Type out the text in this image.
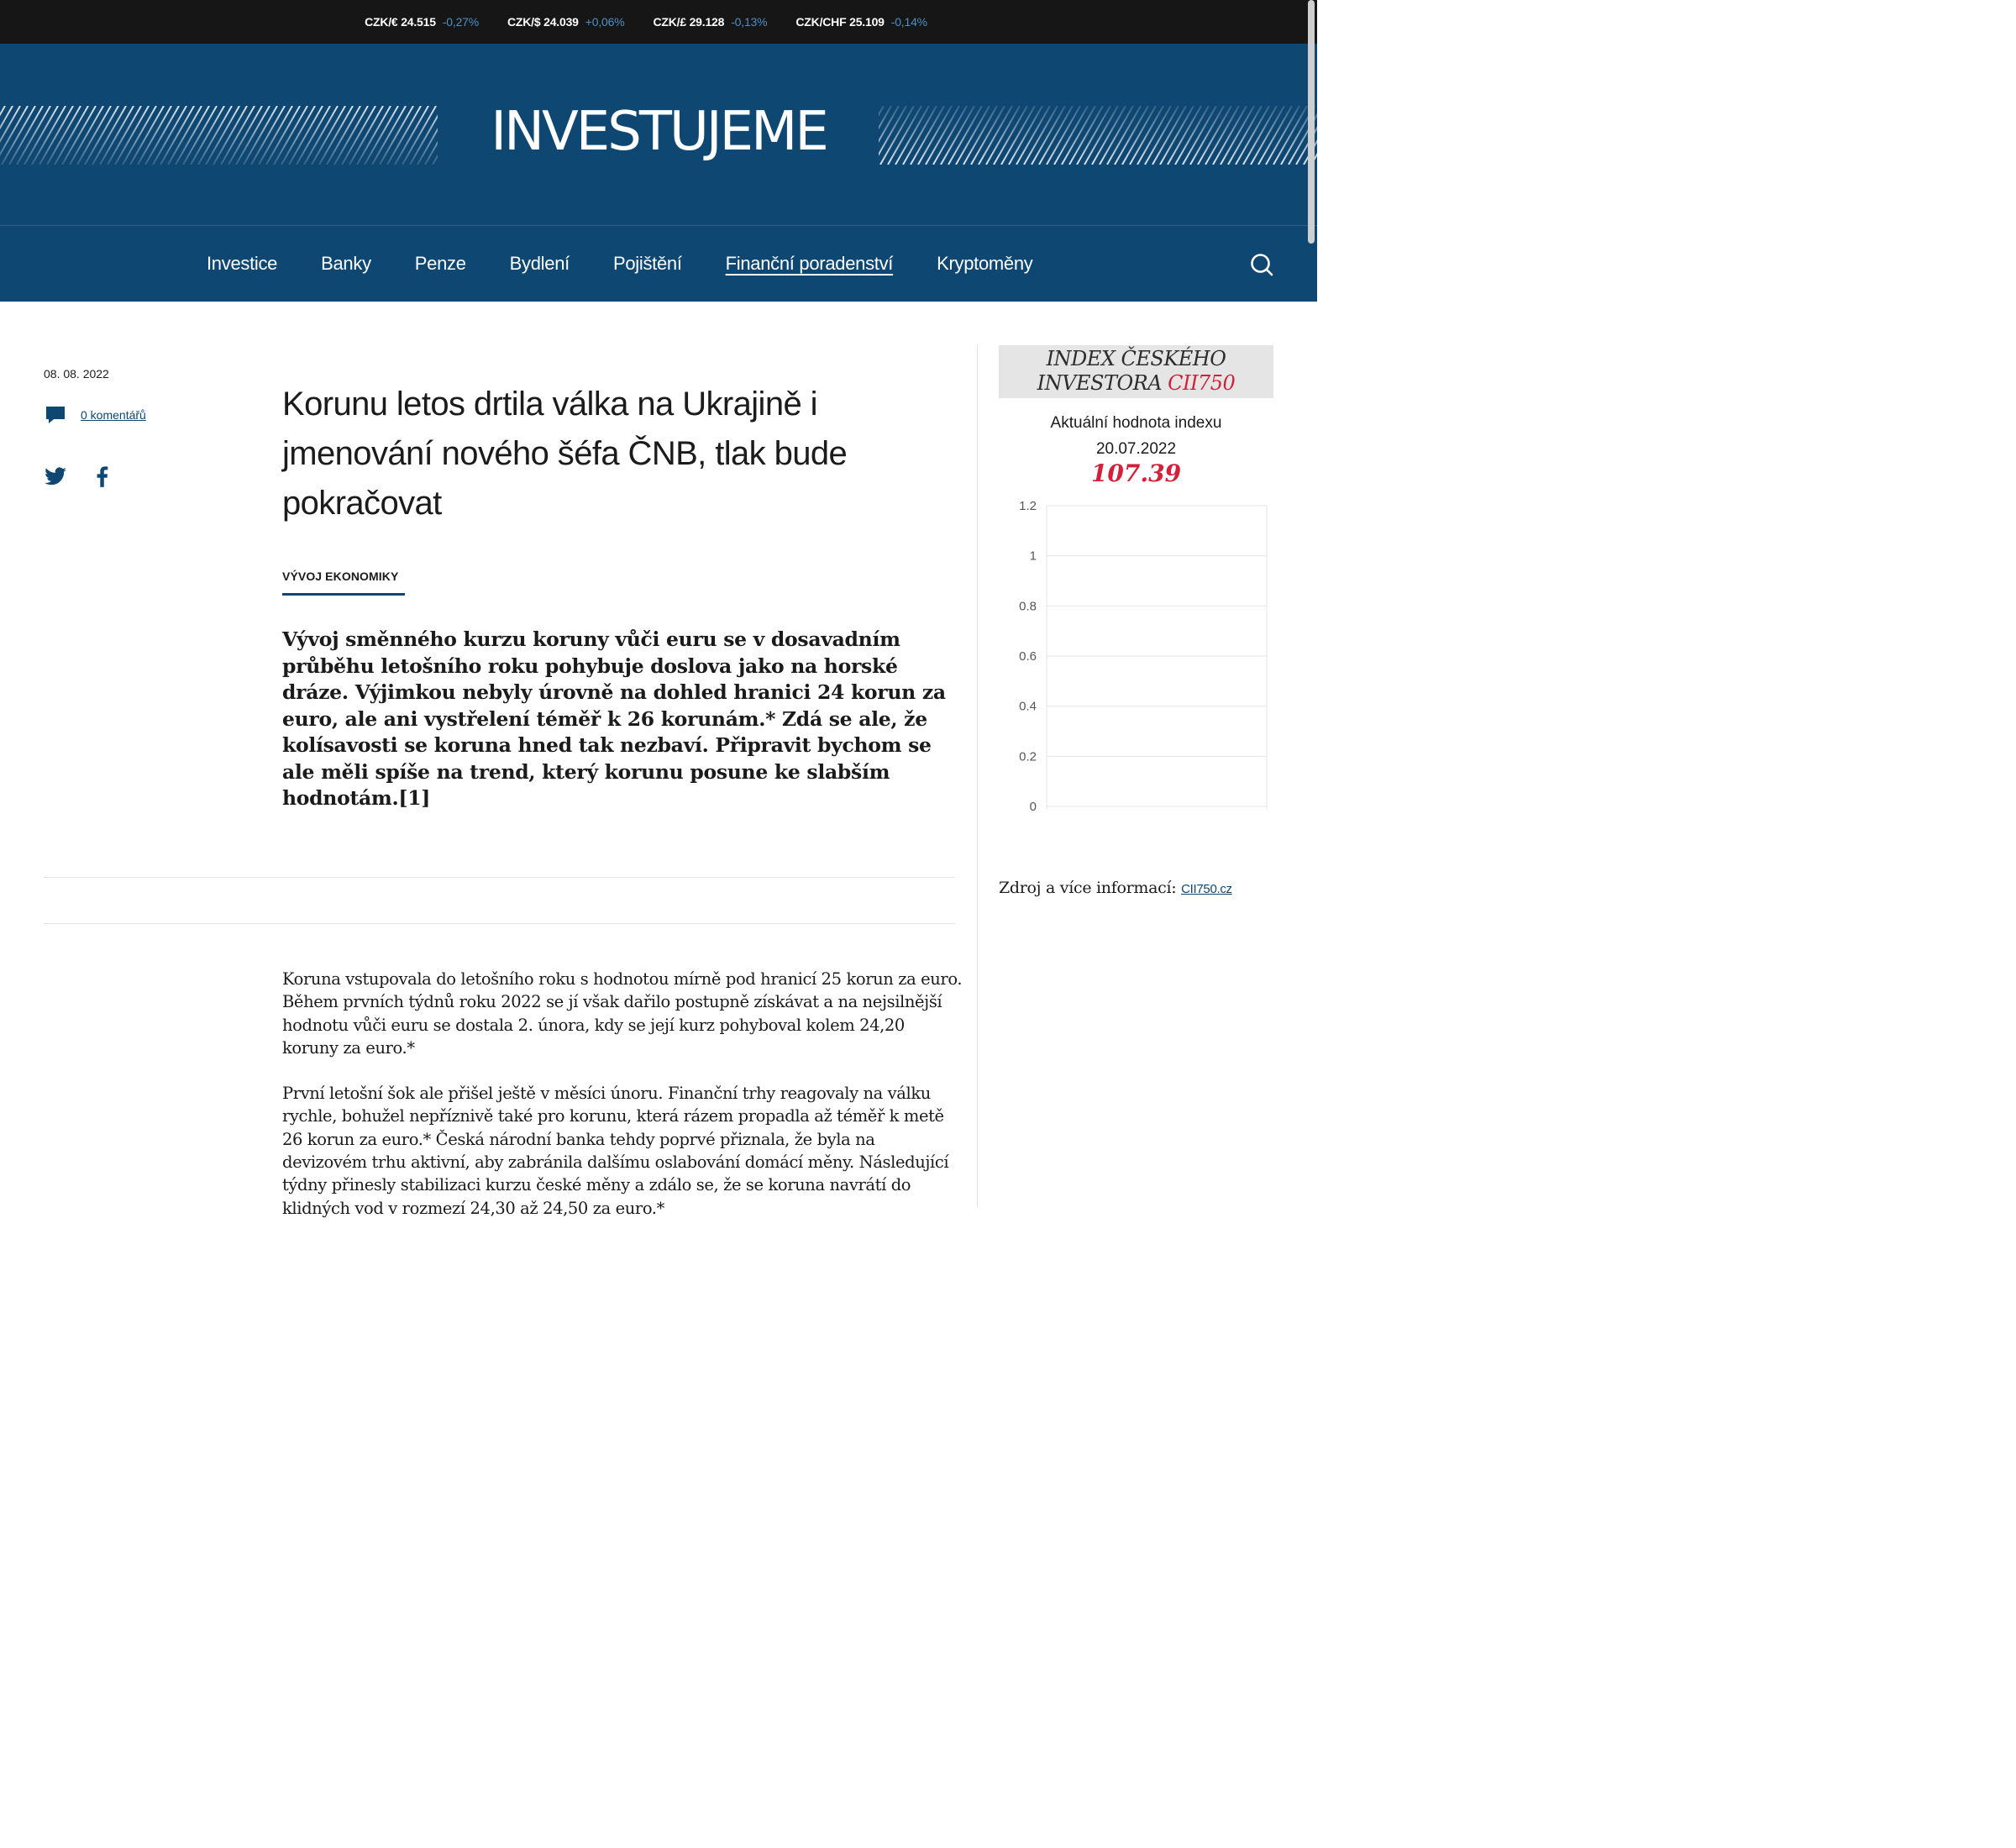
CZK/€ 24.515 -0,27% CZK/$ 24.039 +0,06% CZK/£ 29.128 -0,13% CZK/CHF 25.109 -0,14%
INVESTUJEME
Investice	Banky	Penze	Bydlení	Pojištění	Finanční poradenství	Kryptoměny
08. 08. 2022
0 komentářů	Korunu letos drtila válka na Ukrajině i jmenování nového šéfa ČNB, tlak bude pokračovat
VÝVOJ EKONOMIKY
Vývoj směnného kurzu koruny vůči euru se v dosavadním průběhu letošního roku pohybuje doslova jako na horské dráze. Výjimkou nebyly úrovně na dohled hranici 24 korun za euro, ale ani vystřelení téměř k 26 korunám.* Zdá se ale, že kolísavosti se koruna hned tak nezbaví. Připravit bychom se ale měli spíše na trend, který korunu posune ke slabším hodnotám.[1]

Koruna vstupovala do letošního roku s hodnotou mírně pod hranicí 25 korun za euro. Během prvních týdnů roku 2022 se jí však dařilo postupně získávat a na nejsilnější hodnotu vůči euru se dostala 2. února, kdy se její kurz pohyboval kolem 24,20 koruny za euro.*

První letošní šok ale přišel ještě v měsíci únoru. Finanční trhy reagovaly na válku rychle, bohužel nepříznivě také pro korunu, která rázem propadla až téměř k metě 26 korun za euro.* Česká národní banka tehdy poprvé přiznala, že byla na devizovém trhu aktivní, aby zabránila dalšímu oslabování domácí měny. Následující týdny přinesly stabilizaci kurzu české měny a zdálo se, že se koruna navrátí do klidných vod v rozmezí 24,30 až 24,50 za euro.*

INDEX ČESKÉHO INVESTORA CII750
Aktuální hodnota indexu
20.07.2022
107.39
1.2
1
0.8
0.6
0.4
0.2
0
Zdroj a více informací: CII750.cz
